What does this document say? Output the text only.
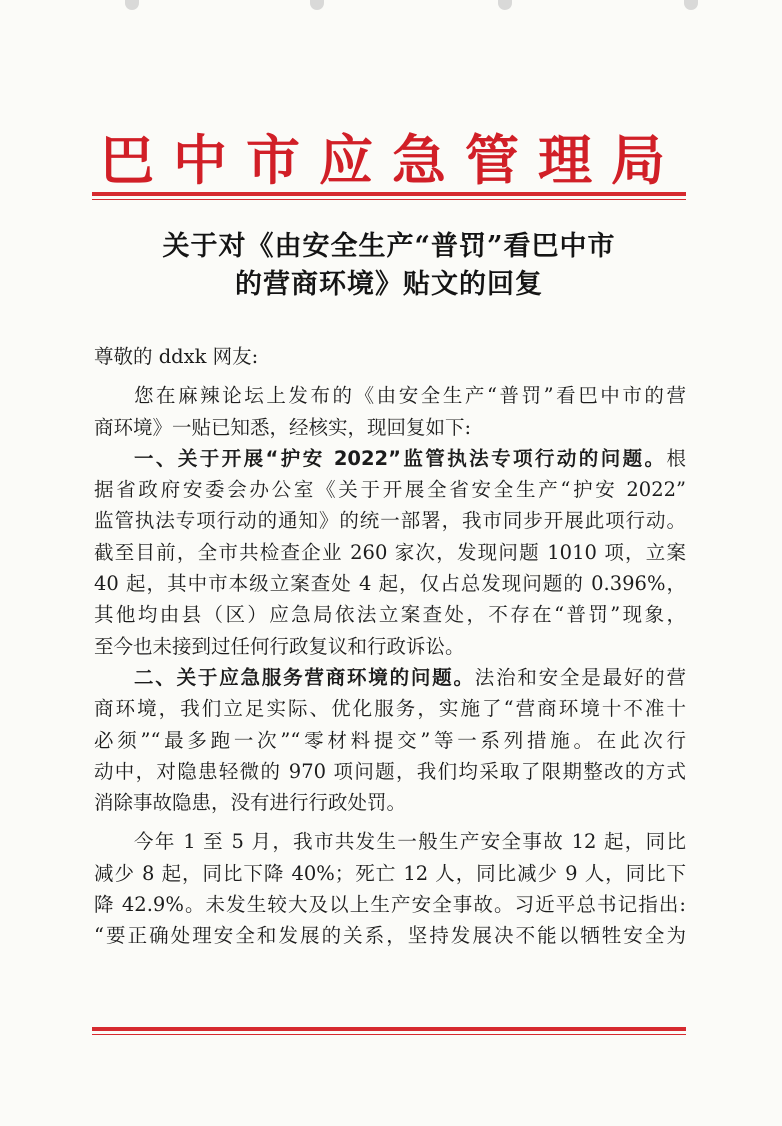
巴中市应急管理局
关于对《由安全生产“普罚”看巴中市
的营商环境》贴文的回复
尊敬的 ddxk 网友:
您在麻辣论坛上发布的《由安全生产“普罚”看巴中市的营
商环境》一贴已知悉，经核实，现回复如下:
一、关于开展“护安 2022”监管执法专项行动的问题。根
据省政府安委会办公室《关于开展全省安全生产“护安 2022”
监管执法专项行动的通知》的统一部署，我市同步开展此项行动。
截至目前，全市共检查企业 260 家次，发现问题 1010 项，立案
40 起，其中市本级立案查处 4 起，仅占总发现问题的 0.396%，
其他均由县（区）应急局依法立案查处，不存在“普罚”现象，
至今也未接到过任何行政复议和行政诉讼。
二、关于应急服务营商环境的问题。法治和安全是最好的营
商环境，我们立足实际、优化服务，实施了“营商环境十不准十
必须”“最多跑一次”“零材料提交”等一系列措施。在此次行
动中，对隐患轻微的 970 项问题，我们均采取了限期整改的方式
消除事故隐患，没有进行行政处罚。
今年 1 至 5 月，我市共发生一般生产安全事故 12 起，同比
减少 8 起，同比下降 40%；死亡 12 人，同比减少 9 人，同比下
降 42.9%。未发生较大及以上生产安全事故。习近平总书记指出:
“要正确处理安全和发展的关系，坚持发展决不能以牺牲安全为
